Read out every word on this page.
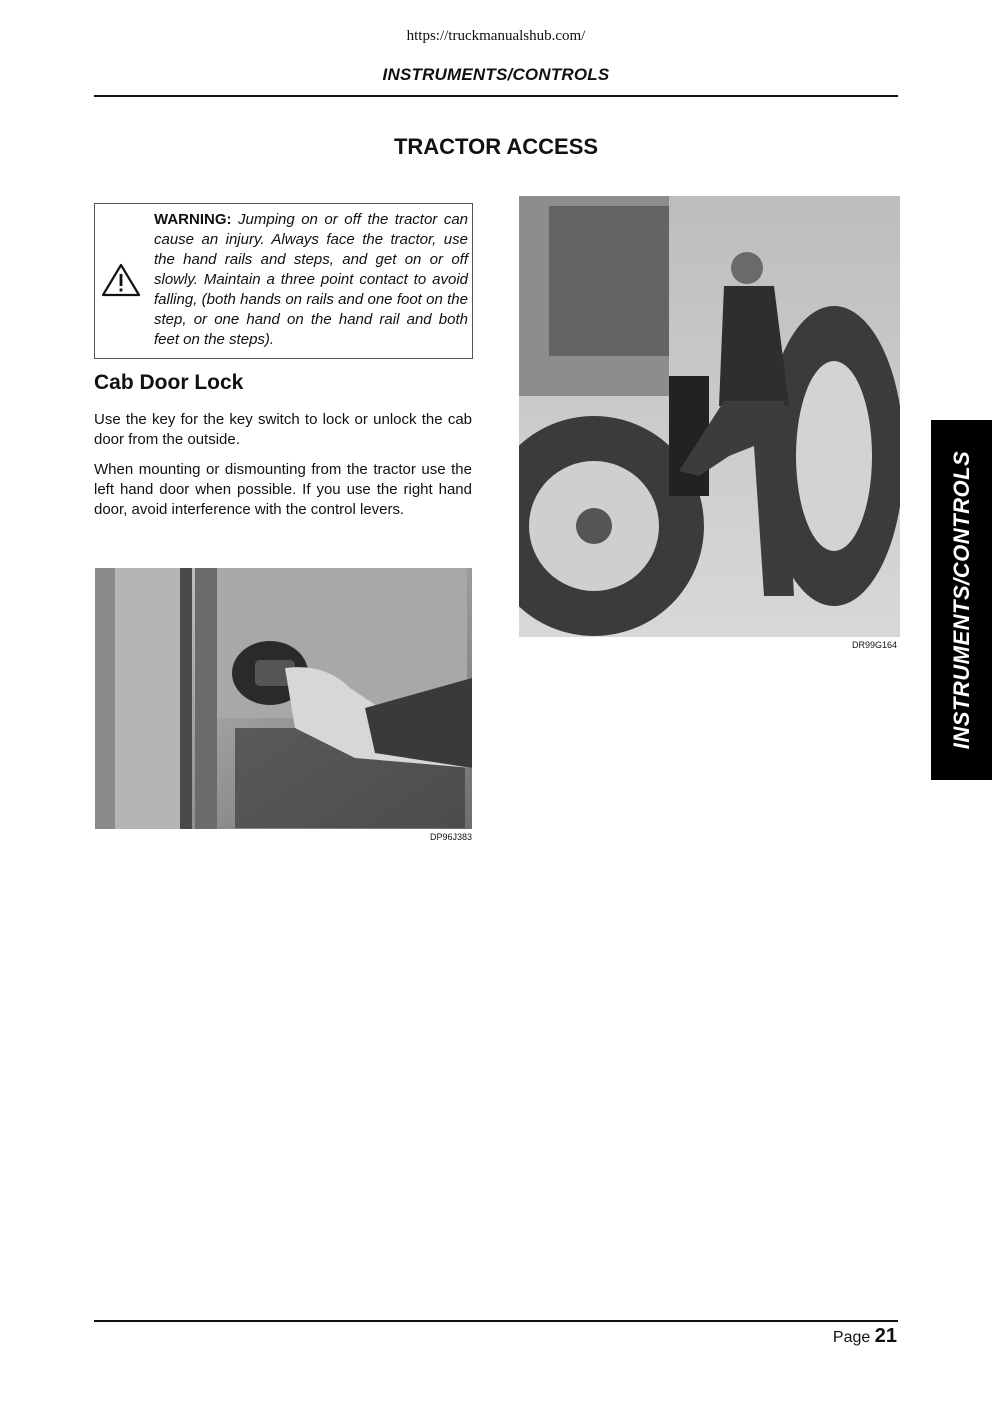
https://truckmanualshub.com/
INSTRUMENTS/CONTROLS
TRACTOR ACCESS
WARNING: Jumping on or off the tractor can cause an injury. Always face the tractor, use the hand rails and steps, and get on or off slowly. Maintain a three point contact to avoid falling, (both hands on rails and one foot on the step, or one hand on the hand rail and both feet on the steps).
Cab Door Lock
Use the key for the key switch to lock or unlock the cab door from the outside.
When mounting or dismounting from the tractor use the left hand door when possible. If you use the right hand door, avoid interference with the control levers.
DP96J383
DR99G164 INSTRUMENTS/CONTROLS
Page 21
